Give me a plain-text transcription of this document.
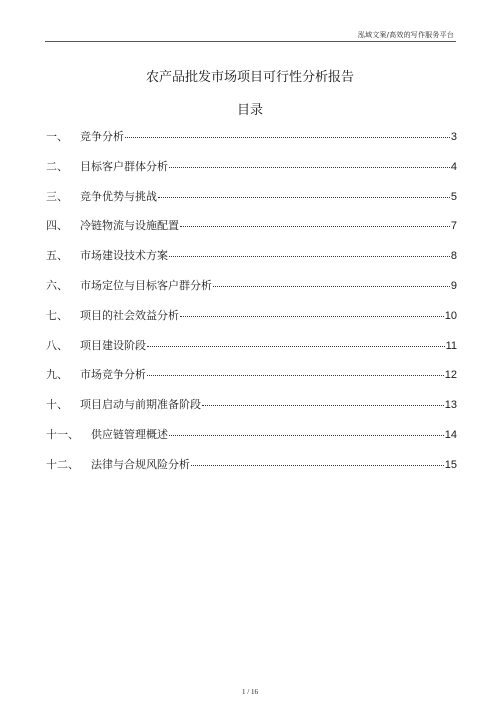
泓域文案/高效的写作服务平台
农产品批发市场项目可行性分析报告
目录
一、 竞争分析	3
二、 目标客户群体分析	4
三、 竞争优势与挑战	5
四、 冷链物流与设施配置	7
五、 市场建设技术方案	8
六、 市场定位与目标客户群分析	9
七、 项目的社会效益分析	10
八、 项目建设阶段	11
九、 市场竞争分析	12
十、 项目启动与前期准备阶段	13
十一、 供应链管理概述	14
十二、 法律与合规风险分析	15
1 / 16
